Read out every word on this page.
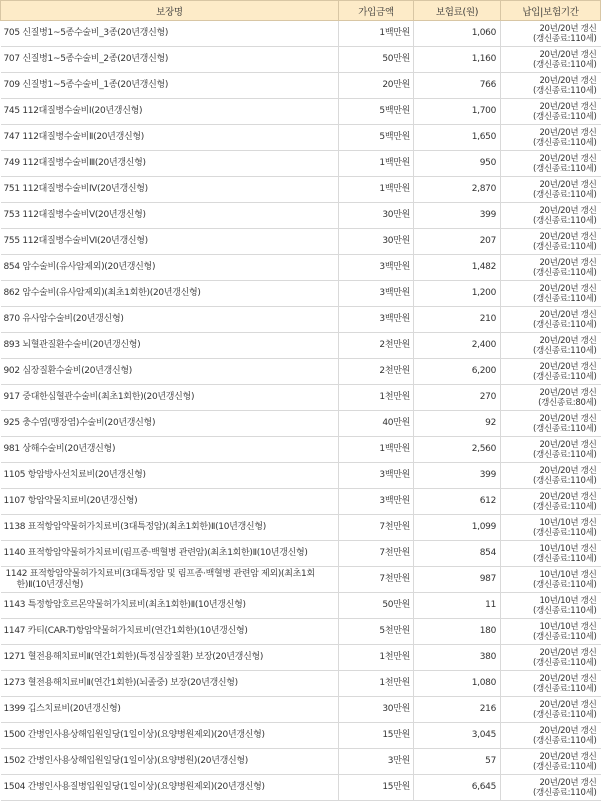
보장명	가입금액	보험료(원)	납입|보험기간
705 신질병1~5종수술비_3종(20년갱신형)	1백만원	1,060	20년/20년 갱신
(갱신종료:110세)

707 신질병1~5종수술비_2종(20년갱신형)	50만원	1,160	20년/20년 갱신
(갱신종료:110세)

709 신질병1~5종수술비_1종(20년갱신형)	20만원	766	20년/20년 갱신
(갱신종료:110세)

745 112대질병수술비Ⅰ(20년갱신형)	5백만원	1,700	20년/20년 갱신
(갱신종료:110세)

747 112대질병수술비Ⅱ(20년갱신형)	5백만원	1,650	20년/20년 갱신
(갱신종료:110세)

749 112대질병수술비Ⅲ(20년갱신형)	1백만원	950	20년/20년 갱신
(갱신종료:110세)

751 112대질병수술비Ⅳ(20년갱신형)	1백만원	2,870	20년/20년 갱신
(갱신종료:110세)

753 112대질병수술비Ⅴ(20년갱신형)	30만원	399	20년/20년 갱신
(갱신종료:110세)

755 112대질병수술비Ⅵ(20년갱신형)	30만원	207	20년/20년 갱신
(갱신종료:110세)

854 암수술비(유사암제외)(20년갱신형)	3백만원	1,482	20년/20년 갱신
(갱신종료:110세)

862 암수술비(유사암제외)(최초1회한)(20년갱신형)	3백만원	1,200	20년/20년 갱신
(갱신종료:110세)

870 유사암수술비(20년갱신형)	3백만원	210	20년/20년 갱신
(갱신종료:110세)

893 뇌혈관질환수술비(20년갱신형)	2천만원	2,400	20년/20년 갱신
(갱신종료:110세)

902 심장질환수술비(20년갱신형)	2천만원	6,200	20년/20년 갱신
(갱신종료:110세)

917 중대한심혈관수술비(최초1회한)(20년갱신형)	1천만원	270	20년/20년 갱신
(갱신종료:80세)

925 충수염(맹장염)수술비(20년갱신형)	40만원	92	20년/20년 갱신
(갱신종료:110세)

981 상해수술비(20년갱신형)	1백만원	2,560	20년/20년 갱신
(갱신종료:110세)

1105 항암방사선치료비(20년갱신형)	3백만원	399	20년/20년 갱신
(갱신종료:110세)

1107 항암약물치료비(20년갱신형)	3백만원	612	20년/20년 갱신
(갱신종료:110세)

1138 표적항암약물허가치료비(3대특정암)(최초1회한)Ⅱ(10년갱신형)	7천만원	1,099	10년/10년 갱신
(갱신종료:110세)

1140 표적항암약물허가치료비(림프종·백혈병 관련암)(최초1회한)Ⅱ(10년갱신형)	7천만원	854	10년/10년 갱신
(갱신종료:110세)

1142 표적항암약물허가치료비(3대특정암 및 림프종·백혈병 관련암 제외)(최초1회한)Ⅱ(10년갱신형)	7천만원	987	10년/10년 갱신
(갱신종료:110세)

1143 특정항암호르몬약물허가치료비(최초1회한)Ⅱ(10년갱신형)	50만원	11	10년/10년 갱신
(갱신종료:110세)

1147 카티(CAR-T)항암약물허가치료비(연간1회한)(10년갱신형)	5천만원	180	10년/10년 갱신
(갱신종료:110세)

1271 혈전용해치료비Ⅱ(연간1회한)(특정심장질환) 보장(20년갱신형)	1천만원	380	20년/20년 갱신
(갱신종료:110세)

1273 혈전용해치료비Ⅱ(연간1회한)(뇌졸중) 보장(20년갱신형)	1천만원	1,080	20년/20년 갱신
(갱신종료:110세)

1399 깁스치료비(20년갱신형)	30만원	216	20년/20년 갱신
(갱신종료:110세)

1500 간병인사용상해입원일당(1일이상)(요양병원제외)(20년갱신형)	15만원	3,045	20년/20년 갱신
(갱신종료:110세)

1502 간병인사용상해입원일당(1일이상)(요양병원)(20년갱신형)	3만원	57	20년/20년 갱신
(갱신종료:110세)

1504 간병인사용질병입원일당(1일이상)(요양병원제외)(20년갱신형)	15만원	6,645	20년/20년 갱신
(갱신종료:110세)
